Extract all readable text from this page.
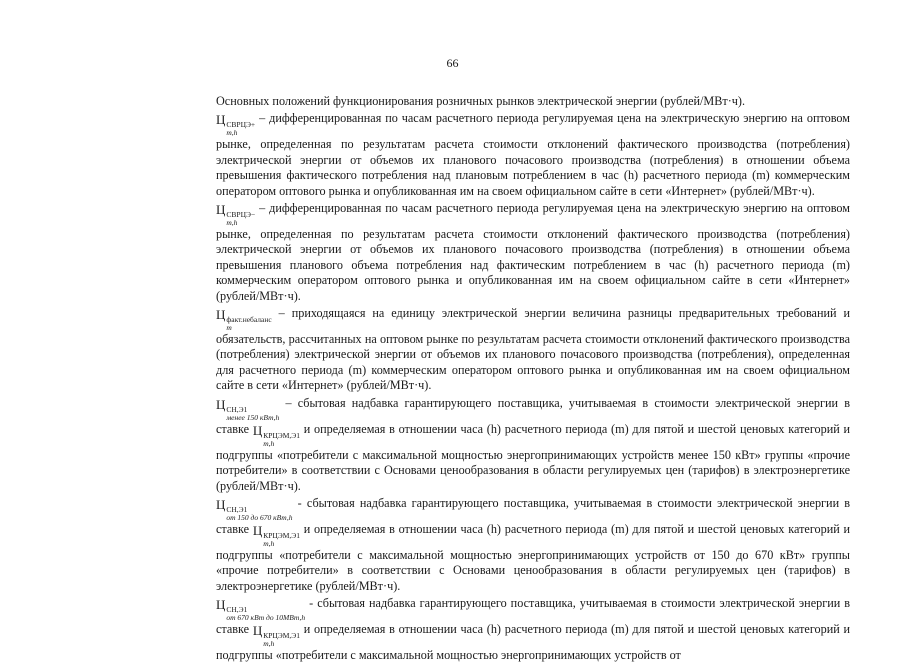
66

Основных положений функционирования розничных рынков электрической энергии (рублей/МВт·ч).

Ц СВРЦЭ+
m,h
– дифференцированная по часам расчетного периода регулируемая цена на электрическую энергию на оптовом рынке, определенная по результатам расчета стоимости отклонений фактического производства (потребления) электрической энергии от объемов их планового почасового производства (потребления) в отношении объема превышения фактического потребления над плановым потреблением в час (h) расчетного периода (m) коммерческим оператором оптового рынка и опубликованная им на своем официальном сайте в сети «Интернет» (рублей/МВт·ч).

Ц СВРЦЭ−
m,h
– дифференцированная по часам расчетного периода регулируемая цена на электрическую энергию на оптовом рынке, определенная по результатам расчета стоимости отклонений фактического производства (потребления) электрической энергии от объемов их планового почасового производства (потребления) в отношении объема превышения планового объема потребления над фактическим потреблением в час (h) расчетного периода (m) коммерческим оператором оптового рынка и опубликованная им на своем официальном сайте в сети «Интернет» (рублей/МВт·ч).

Ц факт.небаланс
m
– приходящаяся на единицу электрической энергии величина разницы предварительных требований и обязательств, рассчитанных на оптовом рынке по результатам расчета стоимости отклонений фактического производства (потребления) электрической энергии от объемов их планового почасового производства (потребления), определенная для расчетного периода (m) коммерческим оператором оптового рынка и опубликованная им на своем официальном сайте в сети «Интернет» (рублей/МВт·ч).

Ц СН,Э1
менее 150 кВт,h
– сбытовая надбавка гарантирующего поставщика, учитываемая в стоимости электрической энергии в ставке Ц КРЦЭМ,Э1
m,h
и определяемая в отношении часа (h) расчетного периода (m) для пятой и шестой ценовых категорий и подгруппы «потребители с максимальной мощностью энергопринимающих устройств менее 150 кВт» группы «прочие потребители» в соответствии с Основами ценообразования в области регулируемых цен (тарифов) в электроэнергетике (рублей/МВт·ч).

Ц СН,Э1
от 150 до 670 кВт,h
- сбытовая надбавка гарантирующего поставщика, учитываемая в стоимости электрической энергии в ставке Ц КРЦЭМ,Э1
m,h
и определяемая в отношении часа (h) расчетного периода (m) для пятой и шестой ценовых категорий и подгруппы «потребители с максимальной мощностью энергопринимающих устройств от 150 до 670 кВт» группы «прочие потребители» в соответствии с Основами ценообразования в области регулируемых цен (тарифов) в электроэнергетике (рублей/МВт·ч).

Ц СН,Э1
от 670 кВт до 10МВт,h
- сбытовая надбавка гарантирующего поставщика, учитываемая в стоимости электрической энергии в ставке Ц КРЦЭМ,Э1
m,h
и определяемая в отношении часа (h) расчетного периода (m) для пятой и шестой ценовых категорий и подгруппы «потребители с максимальной мощностью энергопринимающих устройств от
